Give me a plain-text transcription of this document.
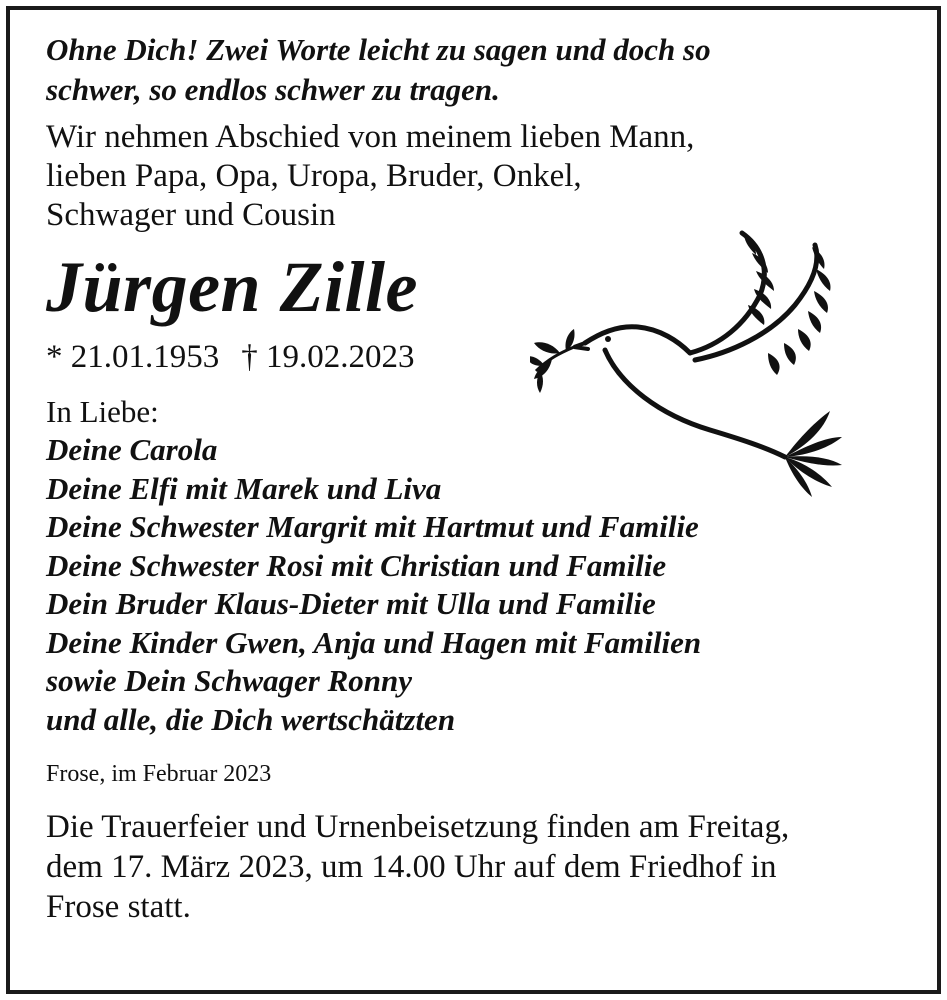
Ohne Dich! Zwei Worte leicht zu sagen und doch so
schwer, so endlos schwer zu tragen.

Wir nehmen Abschied von meinem lieben Mann,
lieben Papa, Opa, Uropa, Bruder, Onkel,
Schwager und Cousin

Jürgen Zille

* 21.01.1953 † 19.02.2023

In Liebe:

Deine Carola
Deine Elfi mit Marek und Liva
Deine Schwester Margrit mit Hartmut und Familie
Deine Schwester Rosi mit Christian und Familie
Dein Bruder Klaus-Dieter mit Ulla und Familie
Deine Kinder Gwen, Anja und Hagen mit Familien
sowie Dein Schwager Ronny
und alle, die Dich wertschätzten

Frose, im Februar 2023

Die Trauerfeier und Urnenbeisetzung finden am Freitag,
dem 17. März 2023, um 14.00 Uhr auf dem Friedhof in
Frose statt.
